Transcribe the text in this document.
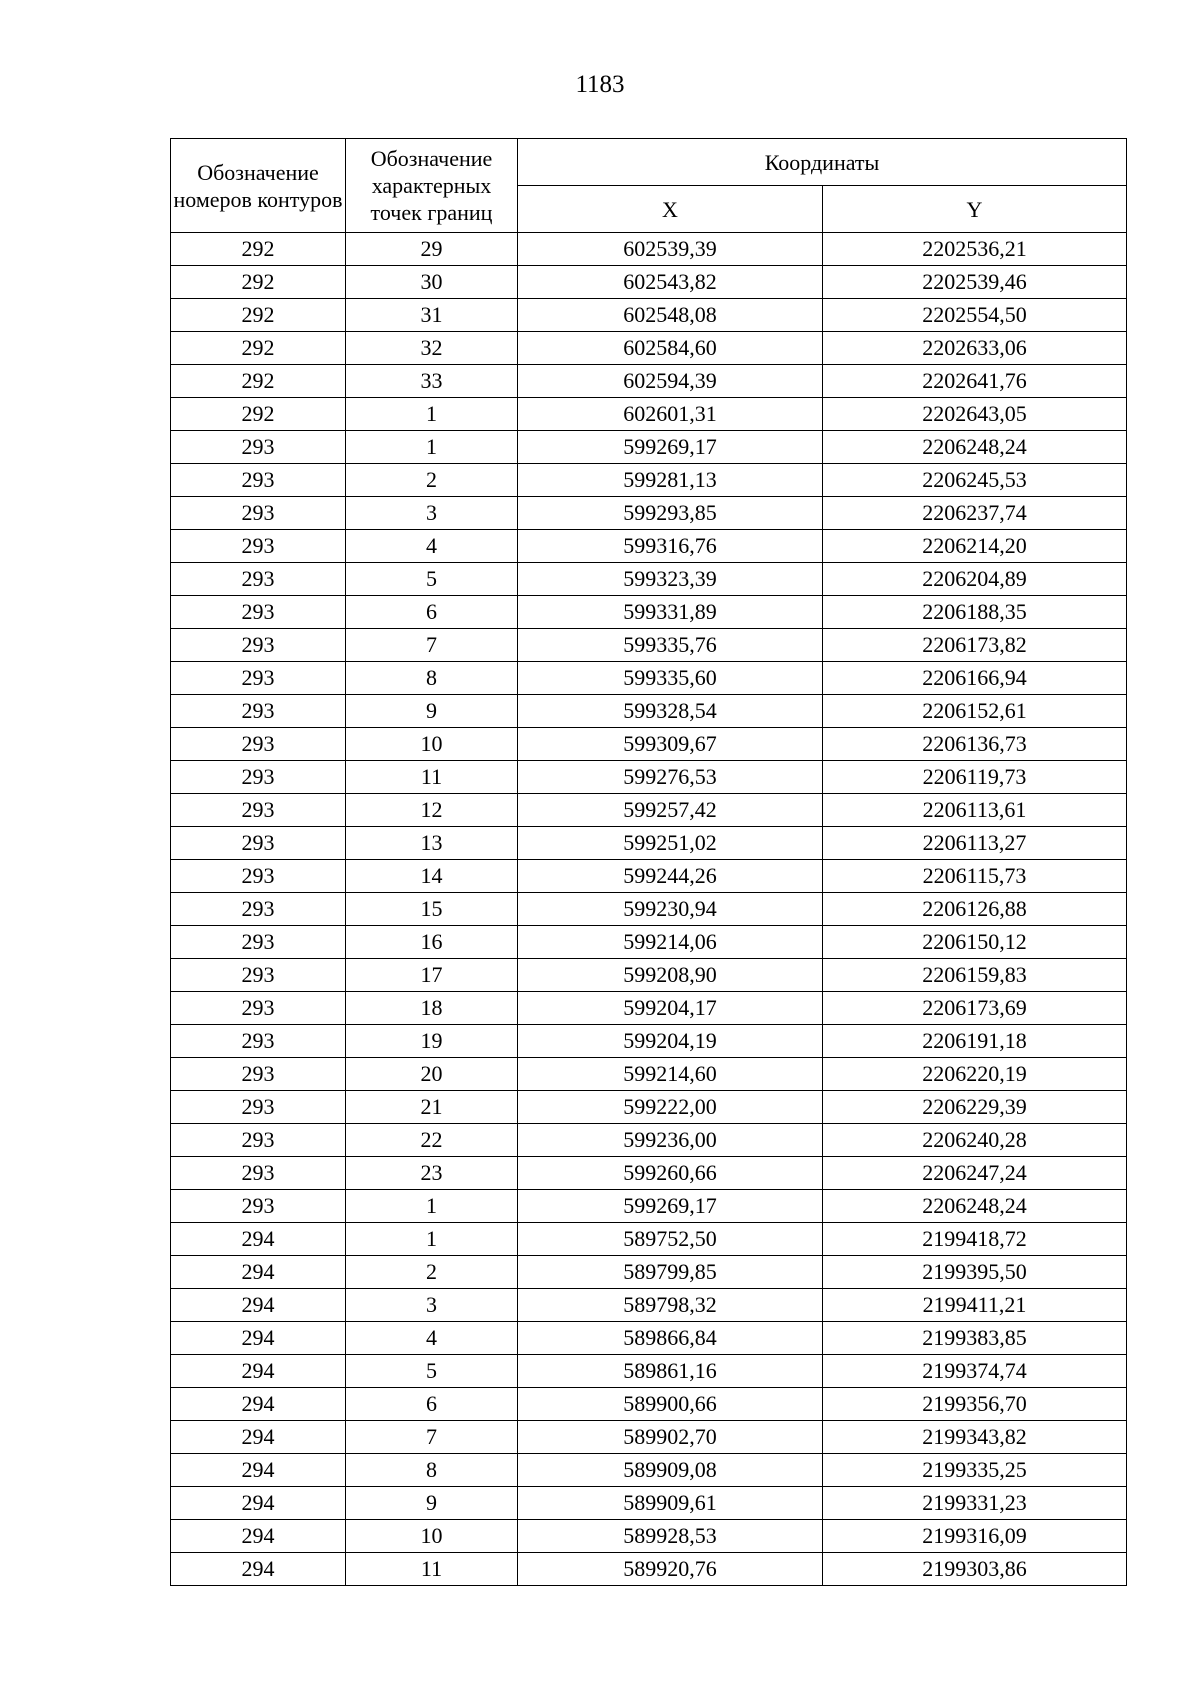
1183
Обозначение номеров контуров	Обозначение характерных точек границ	Координаты	
		X	Y
292	29	602539,39	2202536,21
292	30	602543,82	2202539,46
292	31	602548,08	2202554,50
292	32	602584,60	2202633,06
292	33	602594,39	2202641,76
292	1	602601,31	2202643,05
293	1	599269,17	2206248,24
293	2	599281,13	2206245,53
293	3	599293,85	2206237,74
293	4	599316,76	2206214,20
293	5	599323,39	2206204,89
293	6	599331,89	2206188,35
293	7	599335,76	2206173,82
293	8	599335,60	2206166,94
293	9	599328,54	2206152,61
293	10	599309,67	2206136,73
293	11	599276,53	2206119,73
293	12	599257,42	2206113,61
293	13	599251,02	2206113,27
293	14	599244,26	2206115,73
293	15	599230,94	2206126,88
293	16	599214,06	2206150,12
293	17	599208,90	2206159,83
293	18	599204,17	2206173,69
293	19	599204,19	2206191,18
293	20	599214,60	2206220,19
293	21	599222,00	2206229,39
293	22	599236,00	2206240,28
293	23	599260,66	2206247,24
293	1	599269,17	2206248,24
294	1	589752,50	2199418,72
294	2	589799,85	2199395,50
294	3	589798,32	2199411,21
294	4	589866,84	2199383,85
294	5	589861,16	2199374,74
294	6	589900,66	2199356,70
294	7	589902,70	2199343,82
294	8	589909,08	2199335,25
294	9	589909,61	2199331,23
294	10	589928,53	2199316,09
294	11	589920,76	2199303,86
